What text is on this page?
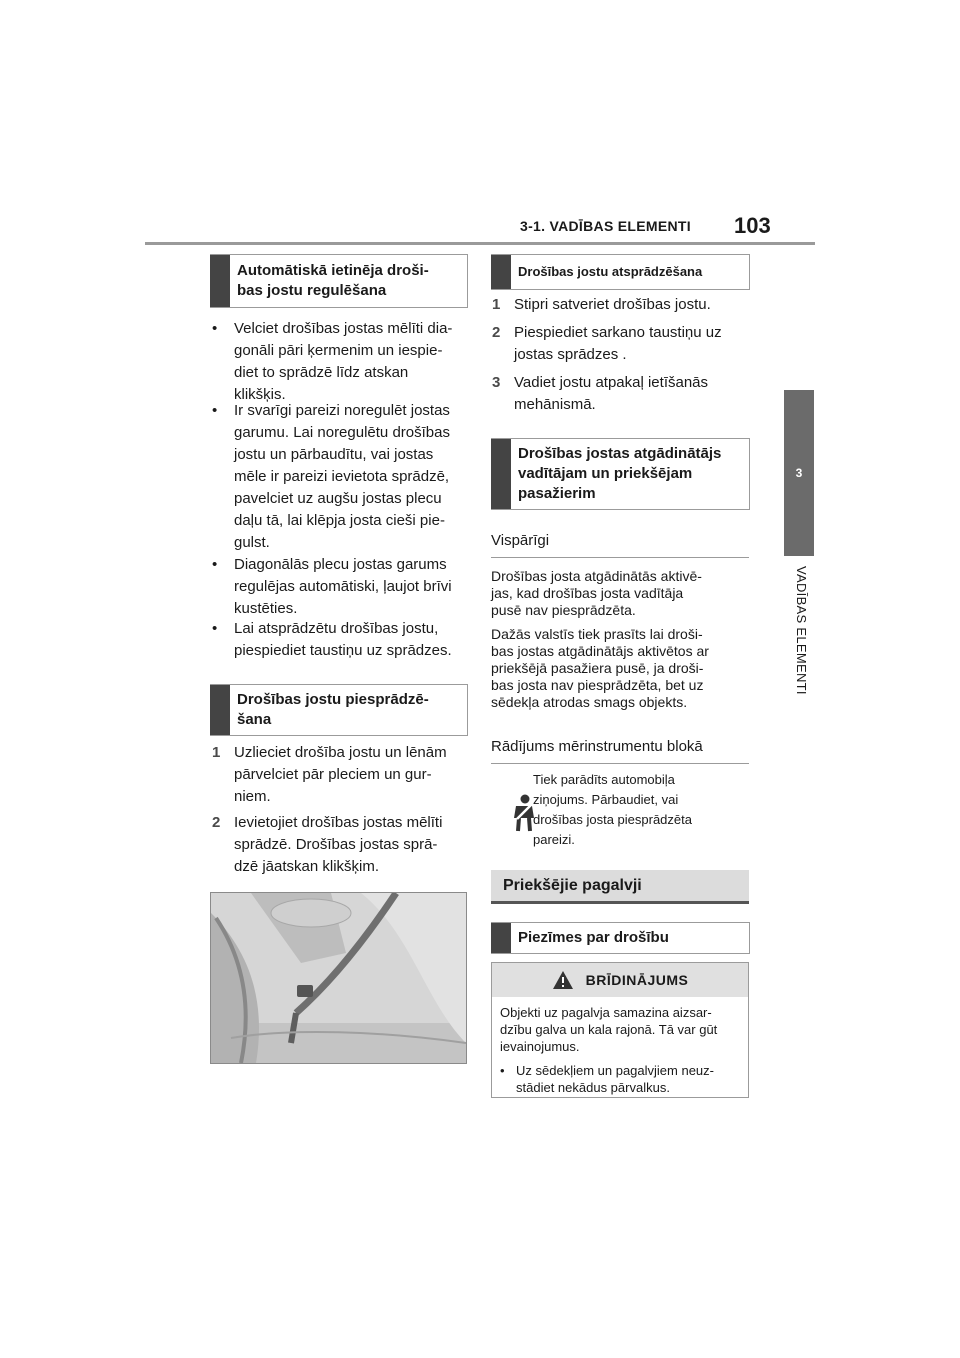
3-1. VADĪBAS ELEMENTI 103
3
VADĪBAS ELEMENTI
Automātiskā ietinēja droši-
bas jostu regulēšana
• Velciet drošības jostas mēlīti dia-
gonāli pāri ķermenim un iespie-
diet to sprādzē līdz atskan
klikšķis.
• Ir svarīgi pareizi noregulēt jostas
garumu. Lai noregulētu drošības
jostu un pārbaudītu, vai jostas
mēle ir pareizi ievietota sprādzē,
pavelciet uz augšu jostas plecu
daļu tā, lai klēpja josta cieši pie-
gulst.
• Diagonālās plecu jostas garums
regulējas automātiski, ļaujot brīvi
kustēties.
• Lai atsprādzētu drošības jostu,
piespiediet taustiņu uz sprādzes.
Drošības jostu piesprādzē-
šana
1 Uzlieciet drošība jostu un lēnām
pārvelciet pār pleciem un gur-
niem.
2 Ievietojiet drošības jostas mēlīti
sprādzē. Drošības jostas sprā-
dzē jāatskan klikšķim.
Drošības jostu atsprādzēšana
1 Stipri satveriet drošības jostu.
2 Piespiediet sarkano taustiņu uz
jostas sprādzes .
3 Vadiet jostu atpakaļ ietīšanās
mehānismā.
Drošības jostas atgādinātājs
vadītājam un priekšējam
pasažierim
Vispārīgi
Drošības josta atgādinātās aktivē-
jas, kad drošības josta vadītāja
pusē nav piesprādzēta.
Dažās valstīs tiek prasīts lai droši-
bas jostas atgādinātājs aktivētos ar
priekšējā pasažiera pusē, ja droši-
bas josta nav piesprādzēta, bet uz
sēdekļa atrodas smags objekts.
Rādījums mērinstrumentu blokā
Tiek parādīts automobiļa
ziņojums. Pārbaudiet, vai
drošības josta piesprādzēta
pareizi.
Priekšējie pagalvji
Piezīmes par drošību
BRĪDINĀJUMS
Objekti uz pagalvja samazina aizsar-
dzību galva un kala rajonā. Tā var gūt
ievainojumus.
• Uz sēdekļiem un pagalvjiem neuz-
stādiet nekādus pārvalkus.
